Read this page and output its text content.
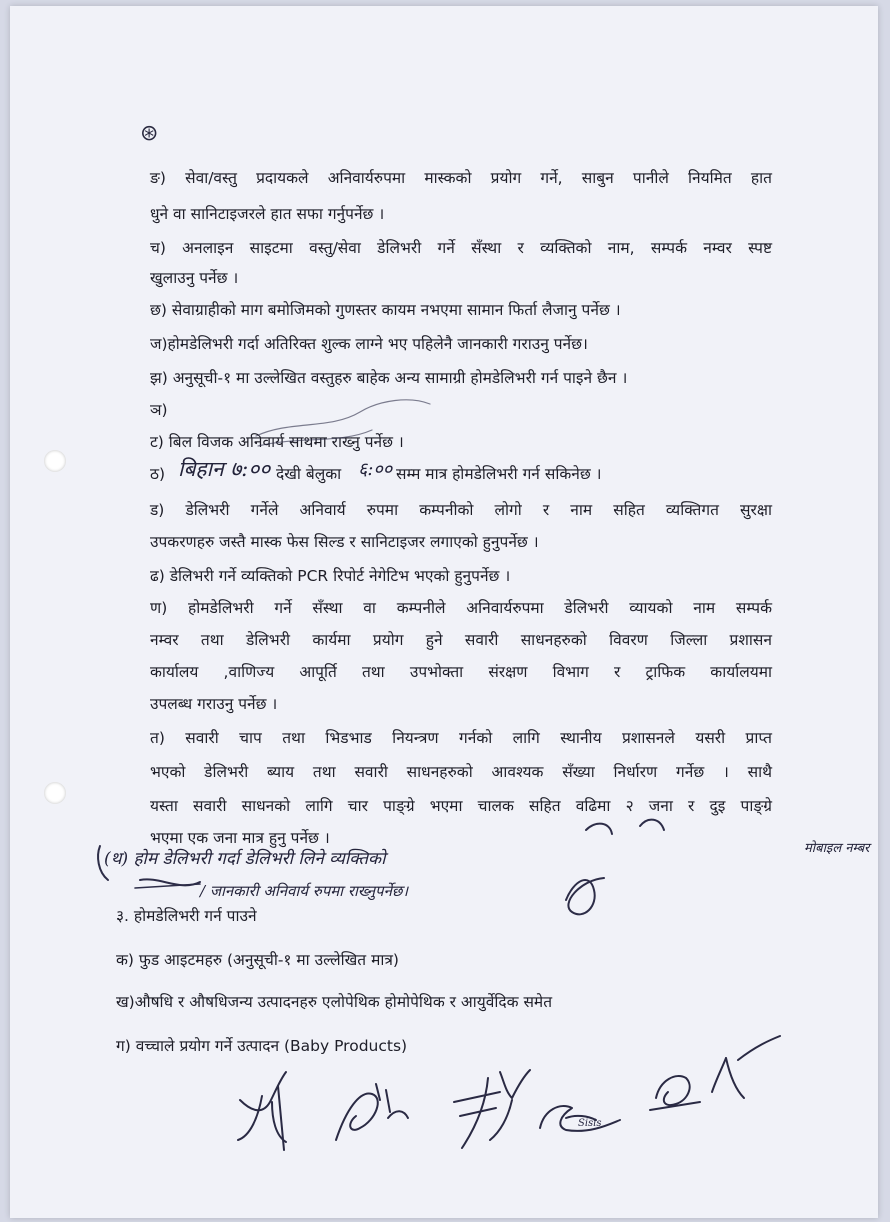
⊛
ङ) सेवा/वस्तु प्रदायकले अनिवार्यरुपमा मास्कको प्रयोग गर्ने, साबुन पानीले नियमित हात
धुने वा सानिटाइजरले हात सफा गर्नुपर्नेछ ।
च) अनलाइन साइटमा वस्तु/सेवा डेलिभरी गर्ने सँस्था र व्यक्तिको नाम, सम्पर्क नम्वर स्पष्ट
खुलाउनु पर्नेछ ।
छ) सेवाग्राहीको माग बमोजिमको गुणस्तर कायम नभएमा सामान फिर्ता लैजानु पर्नेछ ।
ज)होमडेलिभरी गर्दा अतिरिक्त शुल्क लाग्ने भए पहिलेनै जानकारी गराउनु पर्नेछ।
झ) अनुसूची-१ मा उल्लेखित वस्तुहरु बाहेक अन्य सामाग्री होमडेलिभरी गर्न पाइने छैन ।
ञ)
ट) बिल विजक अनिवार्य साथमा राख्नु पर्नेछ ।
ठ) बिहान ७:०० देखी बेलुका ६:०० सम्म मात्र होमडेलिभरी गर्न सकिनेछ ।
ड) डेलिभरी गर्नेले अनिवार्य रुपमा कम्पनीको लोगो र नाम सहित व्यक्तिगत सुरक्षा
उपकरणहरु जस्तै मास्क फेस सिल्ड र सानिटाइजर लगाएको हुनुपर्नेछ ।
ढ) डेलिभरी गर्ने व्यक्तिको PCR रिपोर्ट नेगेटिभ भएको हुनुपर्नेछ ।
ण) होमडेलिभरी गर्ने सँस्था वा कम्पनीले अनिवार्यरुपमा डेलिभरी व्यायको नाम सम्पर्क
नम्वर तथा डेलिभरी कार्यमा प्रयोग हुने सवारी साधनहरुको विवरण जिल्ला प्रशासन
कार्यालय ,वाणिज्य आपूर्ति तथा उपभोक्ता संरक्षण विभाग र ट्राफिक कार्यालयमा
उपलब्ध गराउनु पर्नेछ ।
त) सवारी चाप तथा भिडभाड नियन्त्रण गर्नको लागि स्थानीय प्रशासनले यसरी प्राप्त
भएको डेलिभरी ब्याय तथा सवारी साधनहरुको आवश्यक सँख्या निर्धारण गर्नेछ । साथै
यस्ता सवारी साधनको लागि चार पाङ्ग्रे भएमा चालक सहित वढिमा २ जना र दुइ पाङ्ग्रे
भएमा एक जना मात्र हुनु पर्नेछ ।
(थ) होम डेलिभरी गर्दा डेलिभरी लिने व्यक्तिको
मोबाइल नम्बर
/ जानकारी अनिवार्य रुपमा राख्नुपर्नेछ।
३. होमडेलिभरी गर्न पाउने
क) फुड आइटमहरु (अनुसूची-१ मा उल्लेखित मात्र)
ख)औषधि र औषधिजन्य उत्पादनहरु एलोपेथिक होमोपेथिक र आयुर्वेदिक समेत
ग) वच्चाले प्रयोग गर्ने उत्पादन (Baby Products)
Sisis
